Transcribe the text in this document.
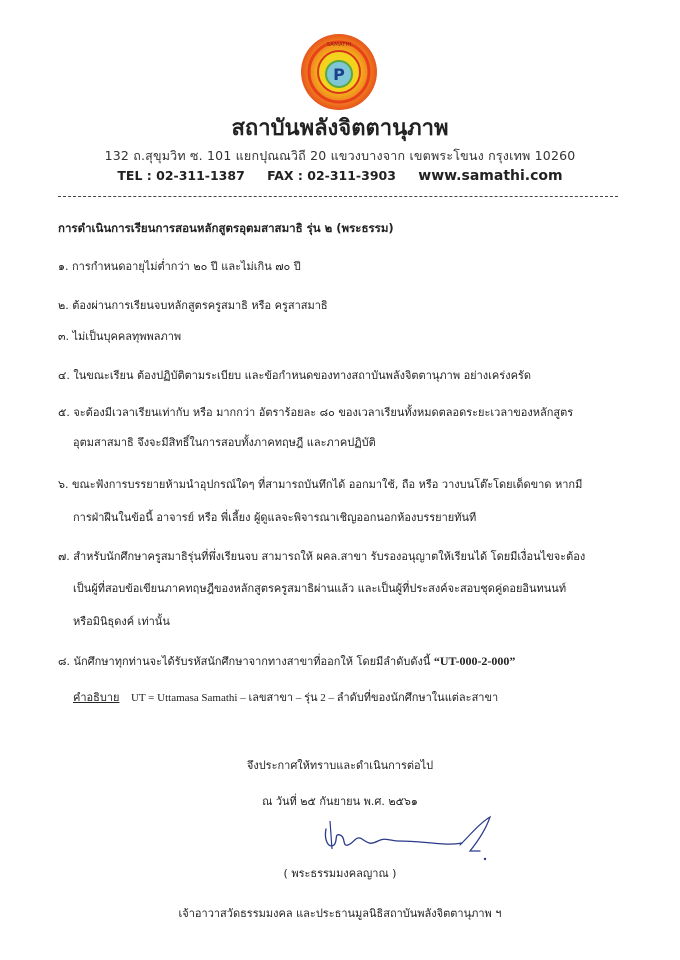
P
SAMATHI
สถาบันพลังจิตตานุภาพ
132 ถ.สุขุมวิท ซ. 101 แยกปุณณวิถี 20 แขวงบางจาก เขตพระโขนง กรุงเทพ 10260
TEL : 02-311-1387 FAX : 02-311-3903 www.samathi.com
การดำเนินการเรียนการสอนหลักสูตรอุตมสาสมาธิ รุ่น ๒ (พระธรรม)
๑. การกำหนดอายุไม่ต่ำกว่า ๒๐ ปี และไม่เกิน ๗๐ ปี
๒. ต้องผ่านการเรียนจบหลักสูตรครูสมาธิ หรือ ครูสาสมาธิ
๓. ไม่เป็นบุคคลทุพพลภาพ
๔. ในขณะเรียน ต้องปฏิบัติตามระเบียบ และข้อกำหนดของทางสถาบันพลังจิตตานุภาพ อย่างเคร่งครัด
๕. จะต้องมีเวลาเรียนเท่ากับ หรือ มากกว่า อัตราร้อยละ ๘๐ ของเวลาเรียนทั้งหมดตลอดระยะเวลาของหลักสูตร
อุตมสาสมาธิ จึงจะมีสิทธิ์ในการสอบทั้งภาคทฤษฎี และภาคปฏิบัติ
๖. ขณะฟังการบรรยายห้ามนำอุปกรณ์ใดๆ ที่สามารถบันทึกได้ ออกมาใช้, ถือ หรือ วางบนโต๊ะโดยเด็ดขาด หากมี
การฝ่าฝืนในข้อนี้ อาจารย์ หรือ พี่เลี้ยง ผู้ดูแลจะพิจารณาเชิญออกนอกห้องบรรยายทันที
๗. สำหรับนักศึกษาครูสมาธิรุ่นที่พึ่งเรียนจบ สามารถให้ ผคล.สาขา รับรองอนุญาตให้เรียนได้ โดยมีเงื่อนไขจะต้อง
เป็นผู้ที่สอบข้อเขียนภาคทฤษฎีของหลักสูตรครูสมาธิผ่านแล้ว และเป็นผู้ที่ประสงค์จะสอบชุดคู่ดอยอินทนนท์
หรือมินิธุดงค์ เท่านั้น
๘. นักศึกษาทุกท่านจะได้รับรหัสนักศึกษาจากทางสาขาที่ออกให้ โดยมีลำดับดังนี้ “UT-000-2-000”
คำอธิบาย UT = Uttamasa Samathi – เลขสาขา – รุ่น 2 – ลำดับที่ของนักศึกษาในแต่ละสาขา
จึงประกาศให้ทราบและดำเนินการต่อไป
ณ วันที่ ๒๕ กันยายน พ.ศ. ๒๕๖๑
( พระธรรมมงคลญาณ )
เจ้าอาวาสวัดธรรมมงคล และประธานมูลนิธิสถาบันพลังจิตตานุภาพ ฯ
